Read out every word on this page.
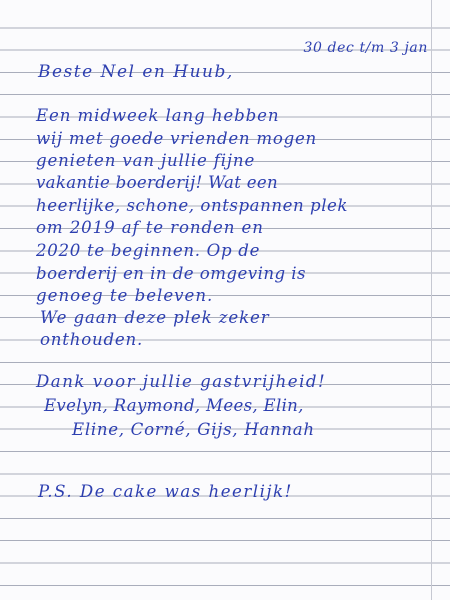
30 dec t/m 3 jan

Beste Nel en Huub,

Een midweek lang hebben

wij met goede vrienden mogen

genieten van jullie fijne

vakantie boerderij! Wat een

heerlijke, schone, ontspannen plek

om 2019 af te ronden en

2020 te beginnen. Op de

boerderij en in de omgeving is

genoeg te beleven.

We gaan deze plek zeker

onthouden.

Dank voor jullie gastvrijheid!

Evelyn, Raymond, Mees, Elin,

Eline, Corné, Gijs, Hannah

P.S. De cake was heerlijk!
